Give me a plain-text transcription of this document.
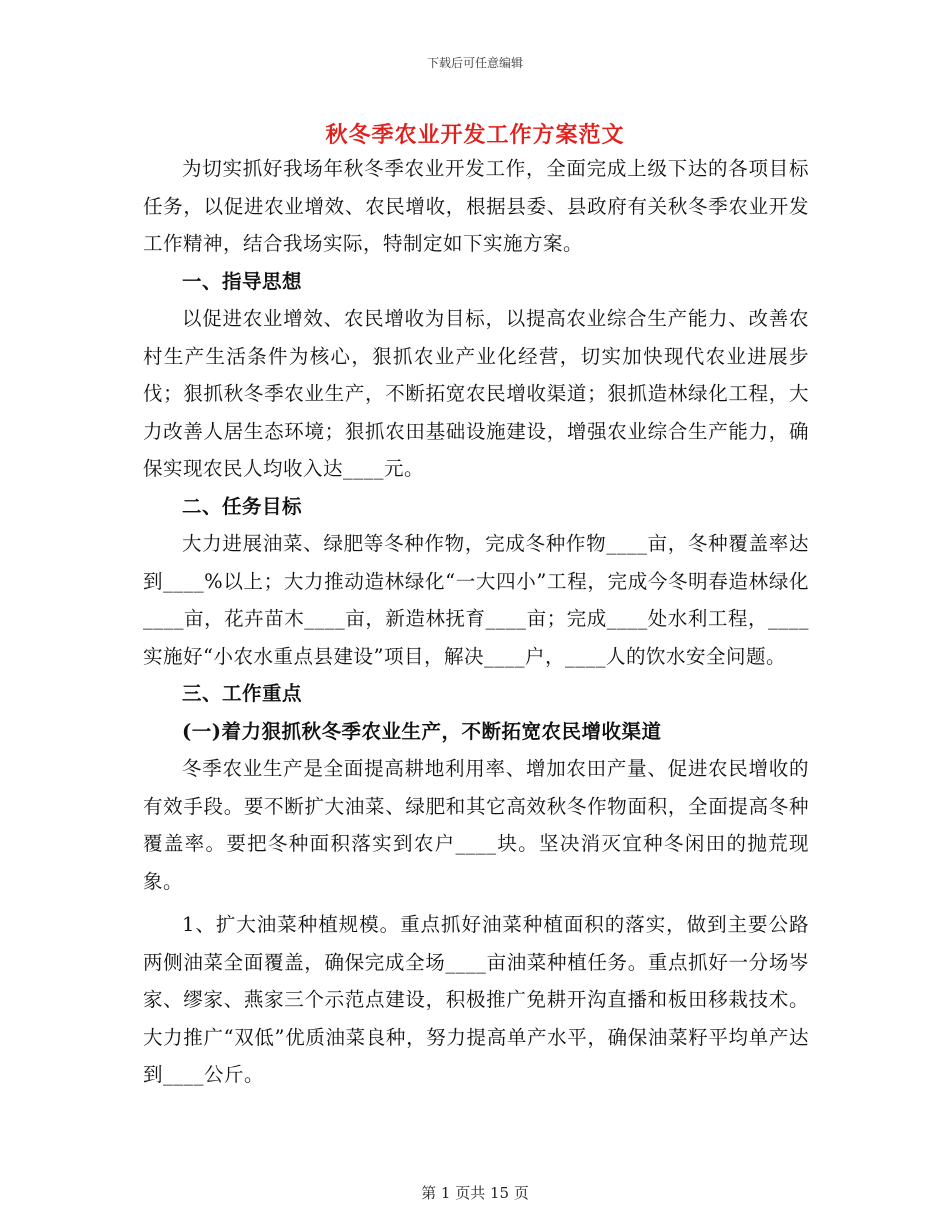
下载后可任意编辑
秋冬季农业开发工作方案范文

为切实抓好我场年秋冬季农业开发工作，全面完成上级下达的各项目标任务，以促进农业增效、农民增收，根据县委、县政府有关秋冬季农业开发工作精神，结合我场实际，特制定如下实施方案。

一、指导思想

以促进农业增效、农民增收为目标，以提高农业综合生产能力、改善农村生产生活条件为核心，狠抓农业产业化经营，切实加快现代农业进展步伐；狠抓秋冬季农业生产，不断拓宽农民增收渠道；狠抓造林绿化工程，大力改善人居生态环境；狠抓农田基础设施建设，增强农业综合生产能力，确保实现农民人均收入达____元。

二、任务目标

大力进展油菜、绿肥等冬种作物，完成冬种作物____亩，冬种覆盖率达到____%以上；大力推动造林绿化“一大四小”工程，完成今冬明春造林绿化____亩，花卉苗木____亩，新造林抚育____亩；完成____处水利工程，____实施好“小农水重点县建设”项目，解决____户，____人的饮水安全问题。

三、工作重点

(一)着力狠抓秋冬季农业生产，不断拓宽农民增收渠道

冬季农业生产是全面提高耕地利用率、增加农田产量、促进农民增收的有效手段。要不断扩大油菜、绿肥和其它高效秋冬作物面积，全面提高冬种覆盖率。要把冬种面积落实到农户____块。坚决消灭宜种冬闲田的抛荒现象。

1、扩大油菜种植规模。重点抓好油菜种植面积的落实，做到主要公路两侧油菜全面覆盖，确保完成全场____亩油菜种植任务。重点抓好一分场岑家、缪家、燕家三个示范点建设，积极推广免耕开沟直播和板田移栽技术。大力推广“双低”优质油菜良种，努力提高单产水平，确保油菜籽平均单产达到____公斤。

第 1 页共 15 页
